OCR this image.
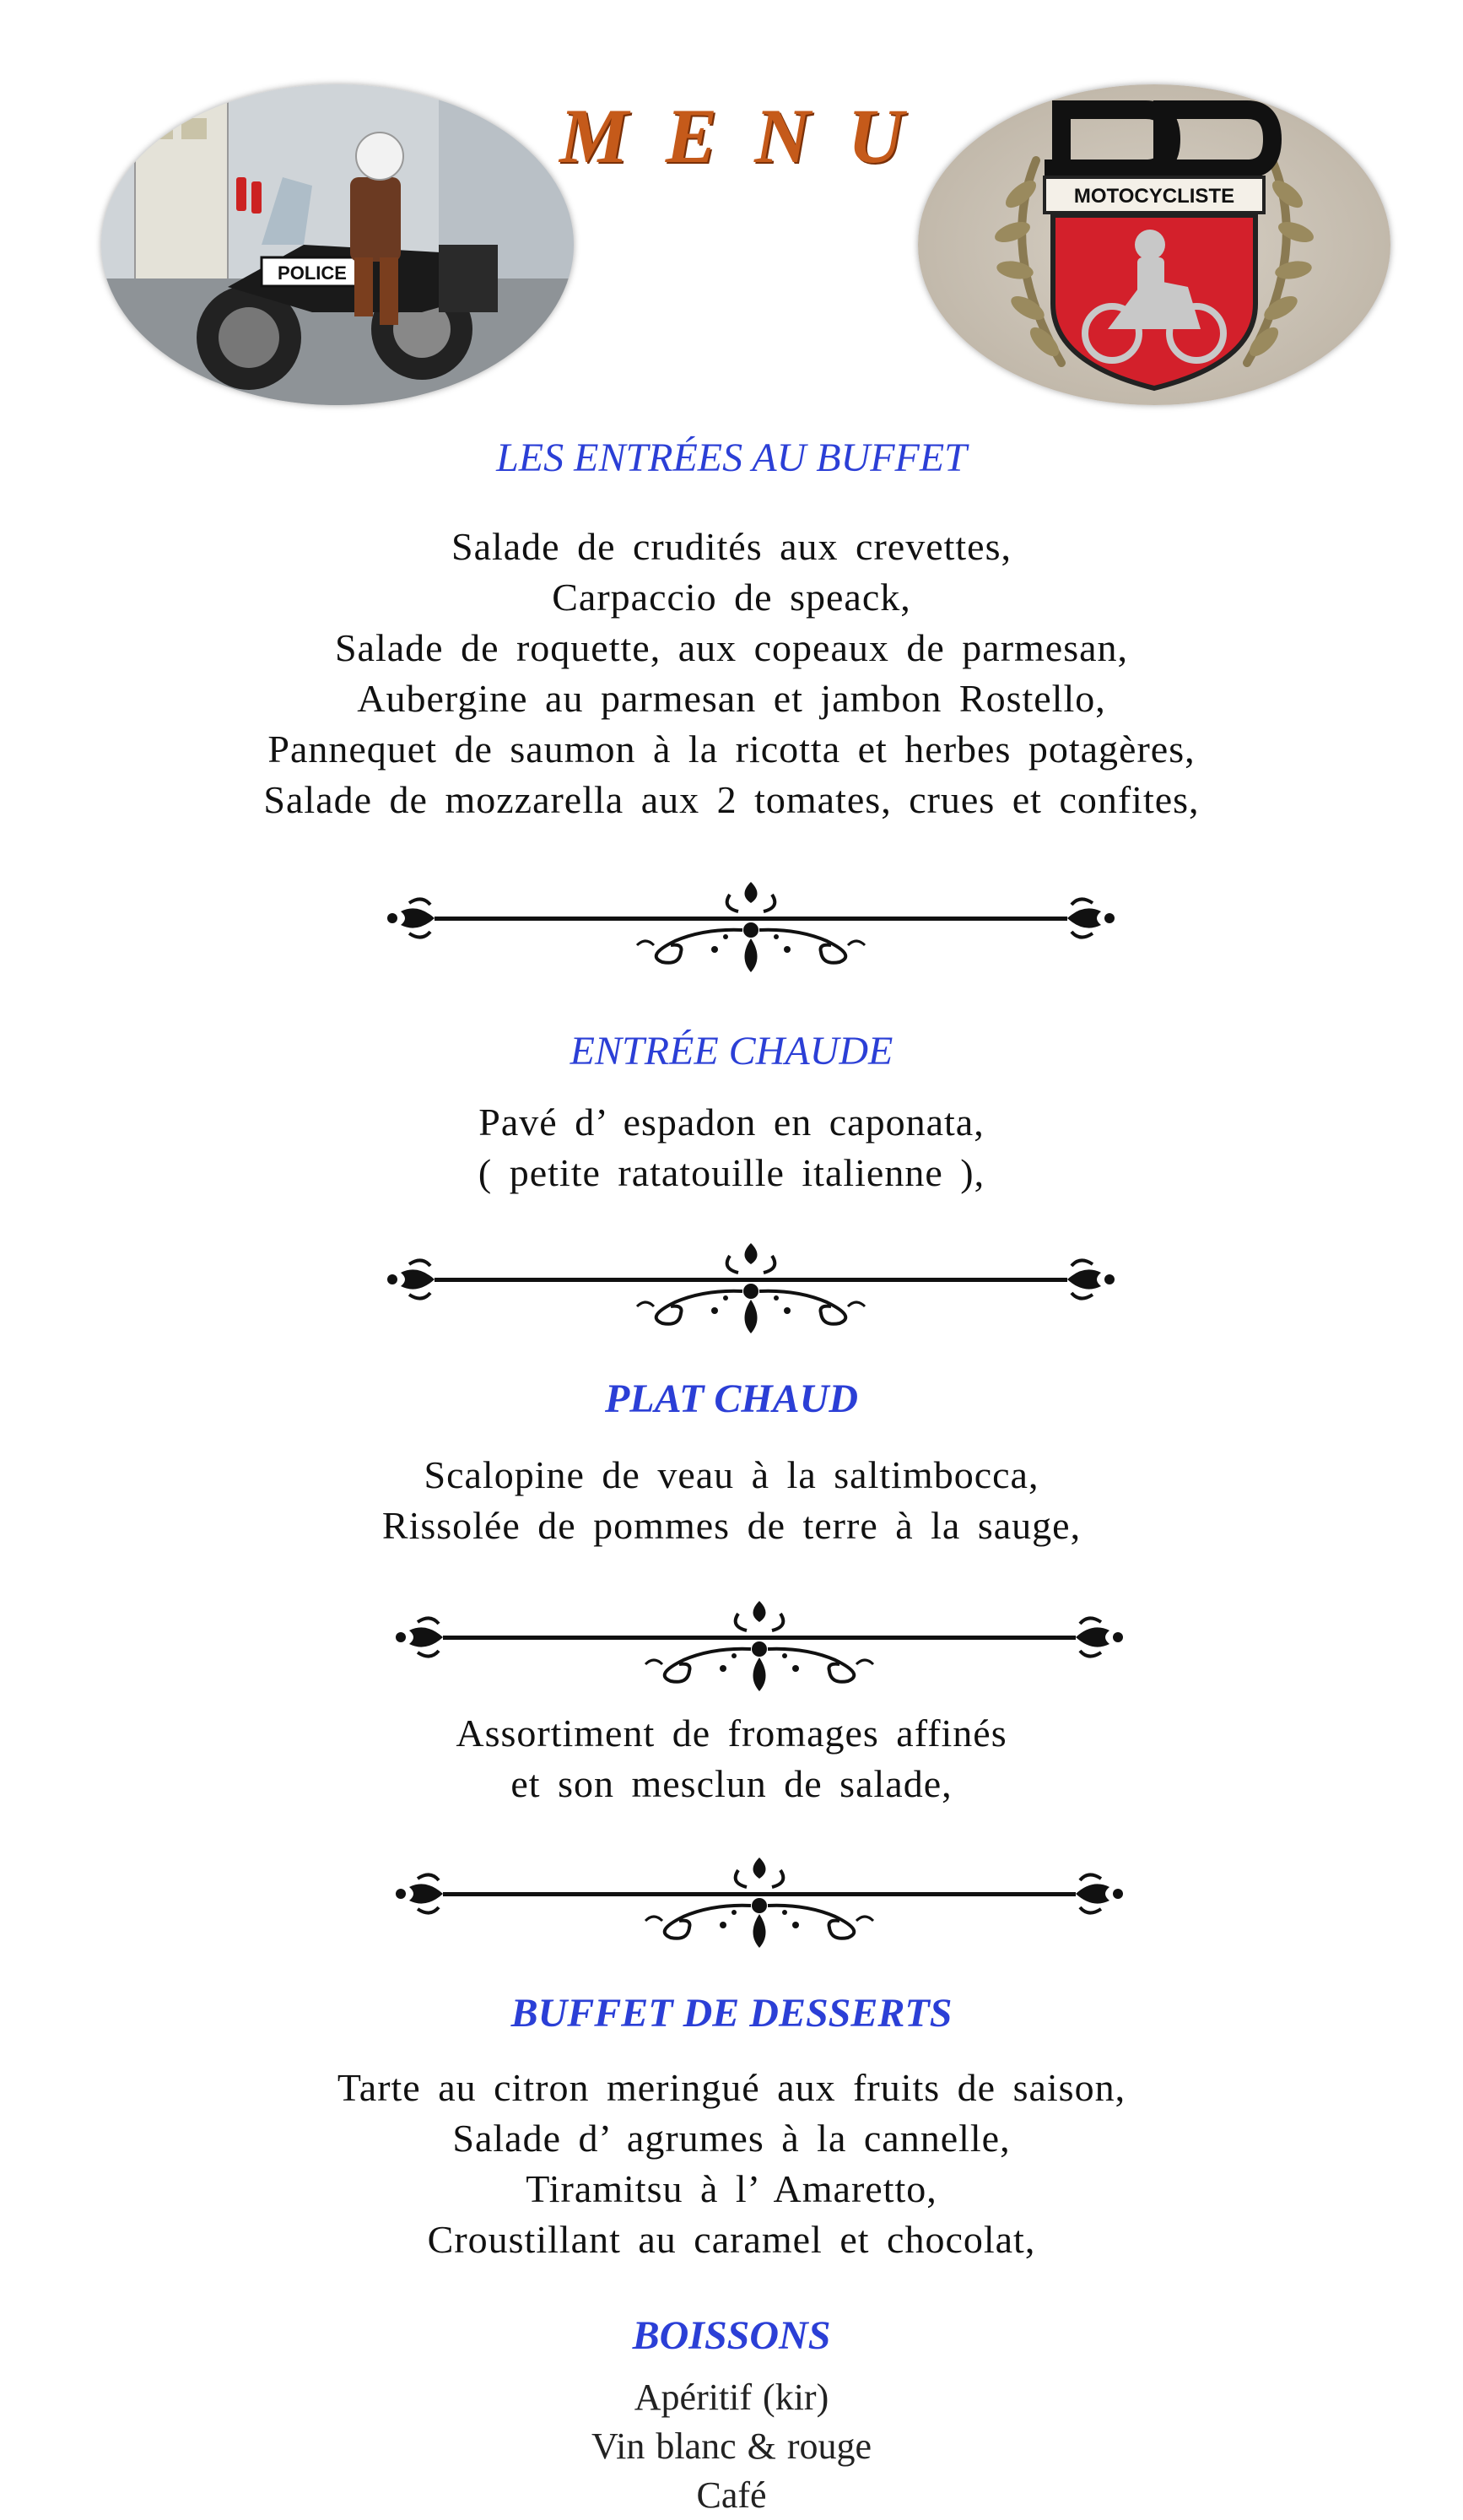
MENU
POLICE
MOTOCYCLISTE
LES ENTRÉES AU BUFFET
Salade de crudités aux crevettes,
Carpaccio de speack,
Salade de roquette, aux copeaux de parmesan,
Aubergine au parmesan et jambon Rostello,
Pannequet de saumon à la ricotta et herbes potagères,
Salade de mozzarella aux 2 tomates, crues et confites,
ENTRÉE CHAUDE
Pavé d’ espadon en caponata,
( petite ratatouille italienne ),
PLAT CHAUD
Scalopine de veau à la saltimbocca,
Rissolée de pommes de terre à la sauge,
Assortiment de fromages affinés
et son mesclun de salade,
BUFFET DE DESSERTS
Tarte au citron meringué aux fruits de saison,
Salade d’ agrumes à la cannelle,
Tiramitsu à l’ Amaretto,
Croustillant au caramel et chocolat,
BOISSONS
Apéritif (kir)
Vin blanc & rouge
Café
